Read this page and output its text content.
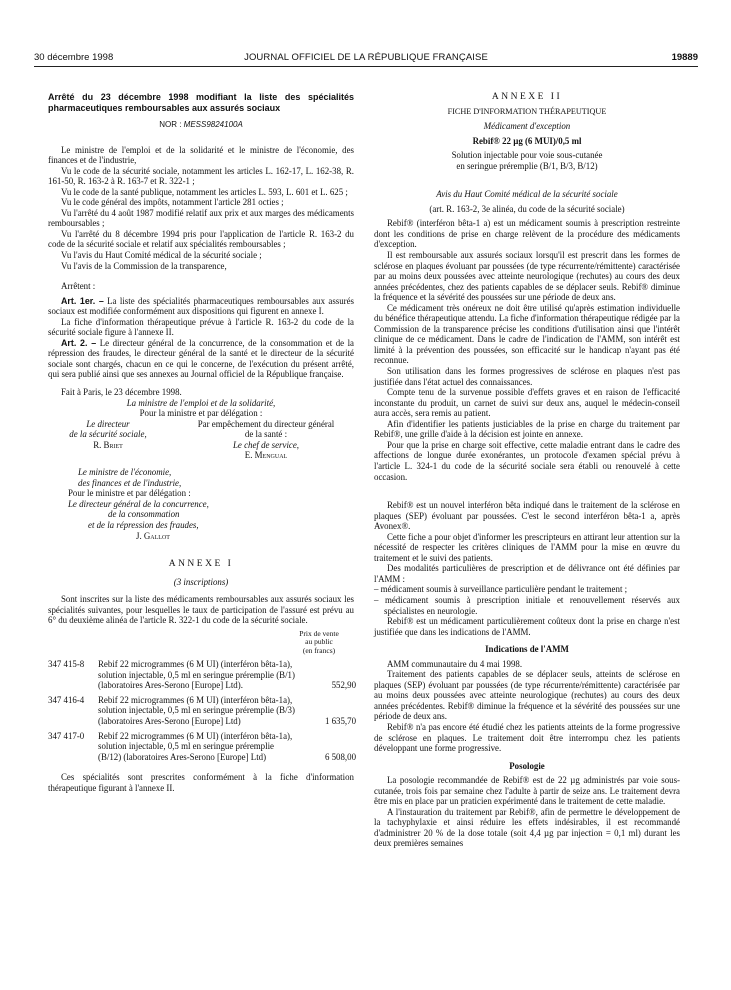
30 décembre 1998	JOURNAL OFFICIEL DE LA RÉPUBLIQUE FRANÇAISE	19889

Arrêté du 23 décembre 1998 modifiant la liste des spécialités pharmaceutiques remboursables aux assurés sociaux

NOR : MESS9824100A

Le ministre de l'emploi et de la solidarité et le ministre de l'économie, des finances et de l'industrie,

Vu le code de la sécurité sociale, notamment les articles L. 162-17, L. 162-38, R. 161-50, R. 163-2 à R. 163-7 et R. 322-1 ;

Vu le code de la santé publique, notamment les articles L. 593, L. 601 et L. 625 ;

Vu le code général des impôts, notamment l'article 281 octies ;

Vu l'arrêté du 4 août 1987 modifié relatif aux prix et aux marges des médicaments remboursables ;

Vu l'arrêté du 8 décembre 1994 pris pour l'application de l'article R. 163-2 du code de la sécurité sociale et relatif aux spécialités remboursables ;

Vu l'avis du Haut Comité médical de la sécurité sociale ;

Vu l'avis de la Commission de la transparence,

Arrêtent :

Art. 1er. – La liste des spécialités pharmaceutiques remboursables aux assurés sociaux est modifiée conformément aux dispositions qui figurent en annexe I.

La fiche d'information thérapeutique prévue à l'article R. 163-2 du code de la sécurité sociale figure à l'annexe II.

Art. 2. – Le directeur général de la concurrence, de la consommation et de la répression des fraudes, le directeur général de la santé et le directeur de la sécurité sociale sont chargés, chacun en ce qui le concerne, de l'exécution du présent arrêté, qui sera publié ainsi que ses annexes au Journal officiel de la République française.

Fait à Paris, le 23 décembre 1998.

La ministre de l'emploi et de la solidarité,

Pour la ministre et par délégation :

Le directeur
de la sécurité sociale,
R. Briet
Par empêchement du directeur général
de la santé :
Le chef de service,

E. Mengual

Le ministre de l'économie,
des finances et de l'industrie,

Pour le ministre et par délégation :

Le directeur général de la concurrence,

de la consommation

et de la répression des fraudes,

J. Gallot

ANNEXE I

(3 inscriptions)

Sont inscrites sur la liste des médicaments remboursables aux assurés sociaux les spécialités suivantes, pour lesquelles le taux de participation de l'assuré est prévu au 6° du deuxième alinéa de l'article R. 322-1 du code de la sécurité sociale.

Prix de vente
au public
(en francs)
347 415-8	Rebif 22 microgrammes (6 M UI) (interféron bêta-1a), solution injectable, 0,5 ml en seringue préremplie (B/1) (laboratoires Ares-Serono [Europe] Ltd).	552,90
347 416-4	Rebif 22 microgrammes (6 M UI) (interféron bêta-1a), solution injectable, 0,5 ml en seringue préremplie (B/3) (laboratoires Ares-Serono [Europe] Ltd)	1 635,70
347 417-0	Rebif 22 microgrammes (6 M UI) (interféron bêta-1a), solution injectable, 0,5 ml en seringue préremplie (B/12) (laboratoires Ares-Serono [Europe] Ltd)	6 508,00

Ces spécialités sont prescrites conformément à la fiche d'information thérapeutique figurant à l'annexe II.

ANNEXE II

FICHE D'INFORMATION THÉRAPEUTIQUE

Médicament d'exception

Rebif® 22 µg (6 MUI)/0,5 ml

Solution injectable pour voie sous-cutanée

en seringue préremplie (B/1, B/3, B/12)

Avis du Haut Comité médical de la sécurité sociale

(art. R. 163-2, 3e alinéa, du code de la sécurité sociale)

Rebif® (interféron bêta-1 a) est un médicament soumis à prescription restreinte dont les conditions de prise en charge relèvent de la procédure des médicaments d'exception.

Il est remboursable aux assurés sociaux lorsqu'il est prescrit dans les formes de sclérose en plaques évoluant par poussées (de type récurrente/rémittente) caractérisée par au moins deux poussées avec atteinte neurologique (rechutes) au cours des deux années précédentes, chez des patients capables de se déplacer seuls. Rebif® diminue la fréquence et la sévérité des poussées sur une période de deux ans.

Ce médicament très onéreux ne doit être utilisé qu'après estimation individuelle du bénéfice thérapeutique attendu. La fiche d'information thérapeutique rédigée par la Commission de la transparence précise les conditions d'utilisation ainsi que l'intérêt clinique de ce médicament. Dans le cadre de l'indication de l'AMM, son intérêt est limité à la prévention des poussées, son efficacité sur le handicap n'ayant pas été reconnue.

Son utilisation dans les formes progressives de sclérose en plaques n'est pas justifiée dans l'état actuel des connaissances.

Compte tenu de la survenue possible d'effets graves et en raison de l'efficacité inconstante du produit, un carnet de suivi sur deux ans, auquel le médecin-conseil aura accès, sera remis au patient.

Afin d'identifier les patients justiciables de la prise en charge du traitement par Rebif®, une grille d'aide à la décision est jointe en annexe.

Pour que la prise en charge soit effective, cette maladie entrant dans le cadre des affections de longue durée exonérantes, un protocole d'examen spécial prévu à l'article L. 324-1 du code de la sécurité sociale sera établi ou renouvelé à cette occasion.

Rebif® est un nouvel interféron bêta indiqué dans le traitement de la sclérose en plaques (SEP) évoluant par poussées. C'est le second interféron bêta-1 a, après Avonex®.

Cette fiche a pour objet d'informer les prescripteurs en attirant leur attention sur la nécessité de respecter les critères cliniques de l'AMM pour la mise en œuvre du traitement et le suivi des patients.

Des modalités particulières de prescription et de délivrance ont été définies par l'AMM :

– médicament soumis à surveillance particulière pendant le traitement ;

– médicament soumis à prescription initiale et renouvellement réservés aux spécialistes en neurologie.

Rebif® est un médicament particulièrement coûteux dont la prise en charge n'est justifiée que dans les indications de l'AMM.

Indications de l'AMM

AMM communautaire du 4 mai 1998.

Traitement des patients capables de se déplacer seuls, atteints de sclérose en plaques (SEP) évoluant par poussées (de type récurrente/rémittente) caractérisée par au moins deux poussées avec atteinte neurologique (rechutes) au cours des deux années précédentes. Rebif® diminue la fréquence et la sévérité des poussées sur une période de deux ans.

Rebif® n'a pas encore été étudié chez les patients atteints de la forme progressive de sclérose en plaques. Le traitement doit être interrompu chez les patients développant une forme progressive.

Posologie

La posologie recommandée de Rebif® est de 22 µg administrés par voie sous-cutanée, trois fois par semaine chez l'adulte à partir de seize ans. Le traitement devra être mis en place par un praticien expérimenté dans le traitement de cette maladie.

A l'instauration du traitement par Rebif®, afin de permettre le développement de la tachyphylaxie et ainsi réduire les effets indésirables, il est recommandé d'administrer 20 % de la dose totale (soit 4,4 µg par injection = 0,1 ml) durant les deux premières semaines
